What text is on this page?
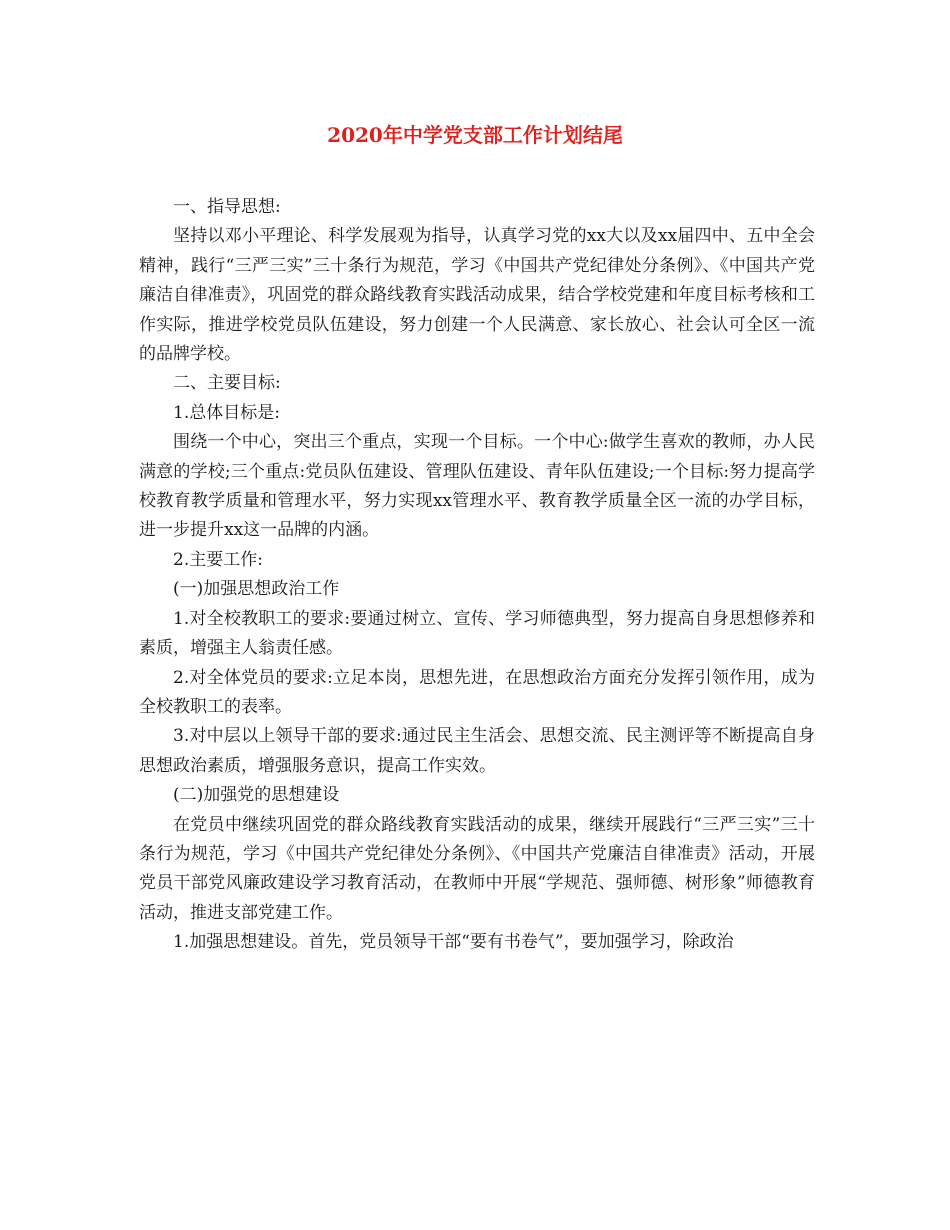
2020年中学党支部工作计划结尾

一、指导思想:

坚持以邓小平理论、科学发展观为指导，认真学习党的xx大以及xx届四中、五中全会精神，践行“三严三实”三十条行为规范，学习《中国共产党纪律处分条例》、《中国共产党廉洁自律准责》，巩固党的群众路线教育实践活动成果，结合学校党建和年度目标考核和工作实际，推进学校党员队伍建设，努力创建一个人民满意、家长放心、社会认可全区一流的品牌学校。

二、主要目标:

1.总体目标是:

围绕一个中心，突出三个重点，实现一个目标。一个中心:做学生喜欢的教师，办人民满意的学校;三个重点:党员队伍建设、管理队伍建设、青年队伍建设;一个目标:努力提高学校教育教学质量和管理水平，努力实现xx管理水平、教育教学质量全区一流的办学目标，进一步提升xx这一品牌的内涵。

2.主要工作:

(一)加强思想政治工作

1.对全校教职工的要求:要通过树立、宣传、学习师德典型，努力提高自身思想修养和素质，增强主人翁责任感。

2.对全体党员的要求:立足本岗，思想先进，在思想政治方面充分发挥引领作用，成为全校教职工的表率。

3.对中层以上领导干部的要求:通过民主生活会、思想交流、民主测评等不断提高自身思想政治素质，增强服务意识，提高工作实效。

(二)加强党的思想建设

在党员中继续巩固党的群众路线教育实践活动的成果，继续开展践行“三严三实”三十条行为规范，学习《中国共产党纪律处分条例》、《中国共产党廉洁自律准责》活动，开展党员干部党风廉政建设学习教育活动，在教师中开展“学规范、强师德、树形象”师德教育活动，推进支部党建工作。

1.加强思想建设。首先，党员领导干部“要有书卷气”，要加强学习，除政治
